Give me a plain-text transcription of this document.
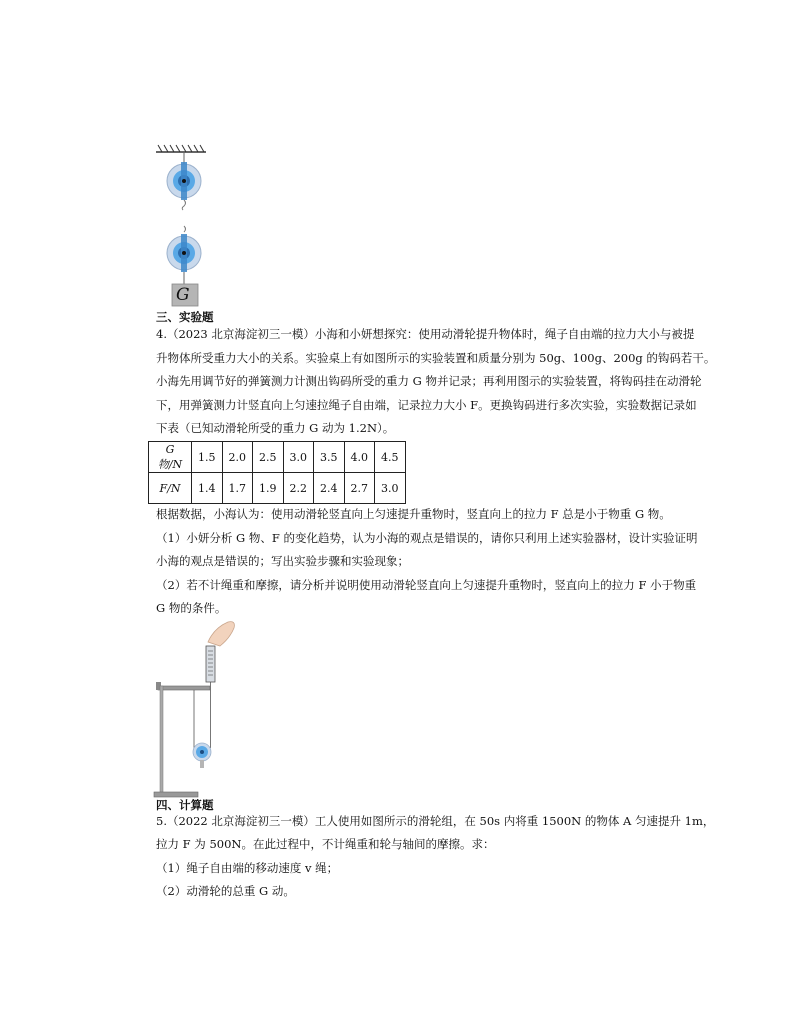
G
三、实验题
4.（2023 北京海淀初三一模）小海和小妍想探究：使用动滑轮提升物体时，绳子自由端的拉力大小与被提
升物体所受重力大小的关系。实验桌上有如图所示的实验装置和质量分别为 50g、100g、200g 的钩码若干。
小海先用调节好的弹簧测力计测出钩码所受的重力 G 物并记录；再利用图示的实验装置，将钩码挂在动滑轮
下，用弹簧测力计竖直向上匀速拉绳子自由端，记录拉力大小 F。更换钩码进行多次实验，实验数据记录如
下表（已知动滑轮所受的重力 G 动为 1.2N）。
G 物/N	1.5	2.0	2.5	3.0	3.5	4.0	4.5
F/N	1.4	1.7	1.9	2.2	2.4	2.7	3.0
根据数据，小海认为：使用动滑轮竖直向上匀速提升重物时，竖直向上的拉力 F 总是小于物重 G 物。
（1）小妍分析 G 物、F 的变化趋势，认为小海的观点是错误的，请你只利用上述实验器材，设计实验证明
小海的观点是错误的；写出实验步骤和实验现象；
（2）若不计绳重和摩擦，请分析并说明使用动滑轮竖直向上匀速提升重物时，竖直向上的拉力 F 小于物重
G 物的条件。
四、计算题
5.（2022 北京海淀初三一模）工人使用如图所示的滑轮组，在 50s 内将重 1500N 的物体 A 匀速提升 1m，
拉力 F 为 500N。在此过程中，不计绳重和轮与轴间的摩擦。求：
（1）绳子自由端的移动速度 v 绳；
（2）动滑轮的总重 G 动。
